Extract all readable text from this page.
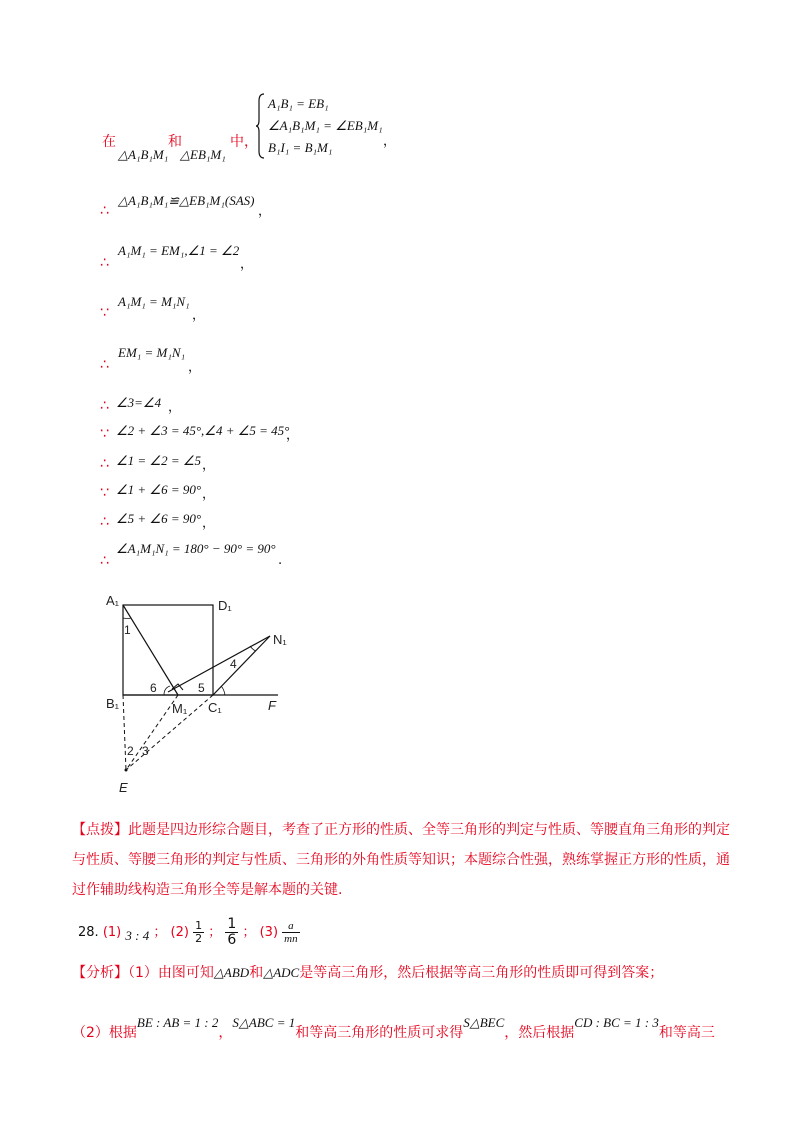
在
△A₁B₁M₁
和
△EB₁M₁
中，
A₁B₁ = EB₁
∠A₁B₁M₁ = ∠EB₁M₁
B₁I₁ = B₁M₁	，
∴
△A₁B₁M₁≌△EB₁M₁(SAS)
，
∴
A₁M₁ = EM₁,∠1 = ∠2
，
∵
A₁M₁ = M₁N₁
，
∴
EM₁ = M₁N₁
，
∴ ∠3=∠4 ，
∵ ∠2 + ∠3 = 45°,∠4 + ∠5 = 45°
，
∴ ∠1 = ∠2 = ∠5 ，
∵ ∠1 + ∠6 = 90° ，
∴ ∠5 + ∠6 = 90° ，
∴
∠A₁M₁N₁ = 180° − 90° = 90°
.
A₁	D₁
N₁
B₁	M₁ C₁	F
E
1
2 3
4
5
6
【点拨】此题是四边形综合题目，考查了正方形的性质、全等三角形的判定与性质、等腰直角三角形的判定与性质、等腰三角形的判定与性质、三角形的外角性质等知识；本题综合性强，熟练掌握正方形的性质，通过作辅助线构造三角形全等是解本题的关键.
28. (1) 3 : 4 ； $(2) \frac{1}{2}$ ； $\frac{1}{6}$ ； $(3) \frac{a}{mn}$
【分析】（1）由图可知△ABD和△ADC是等高三角形，然后根据等高三角形的性质即可得到答案；
（2）根据BE : AB = 1 : 2，S△ABC = 1和等高三角形的性质可求得S△BEC，然后根据CD : BC = 1 : 3和等高三
